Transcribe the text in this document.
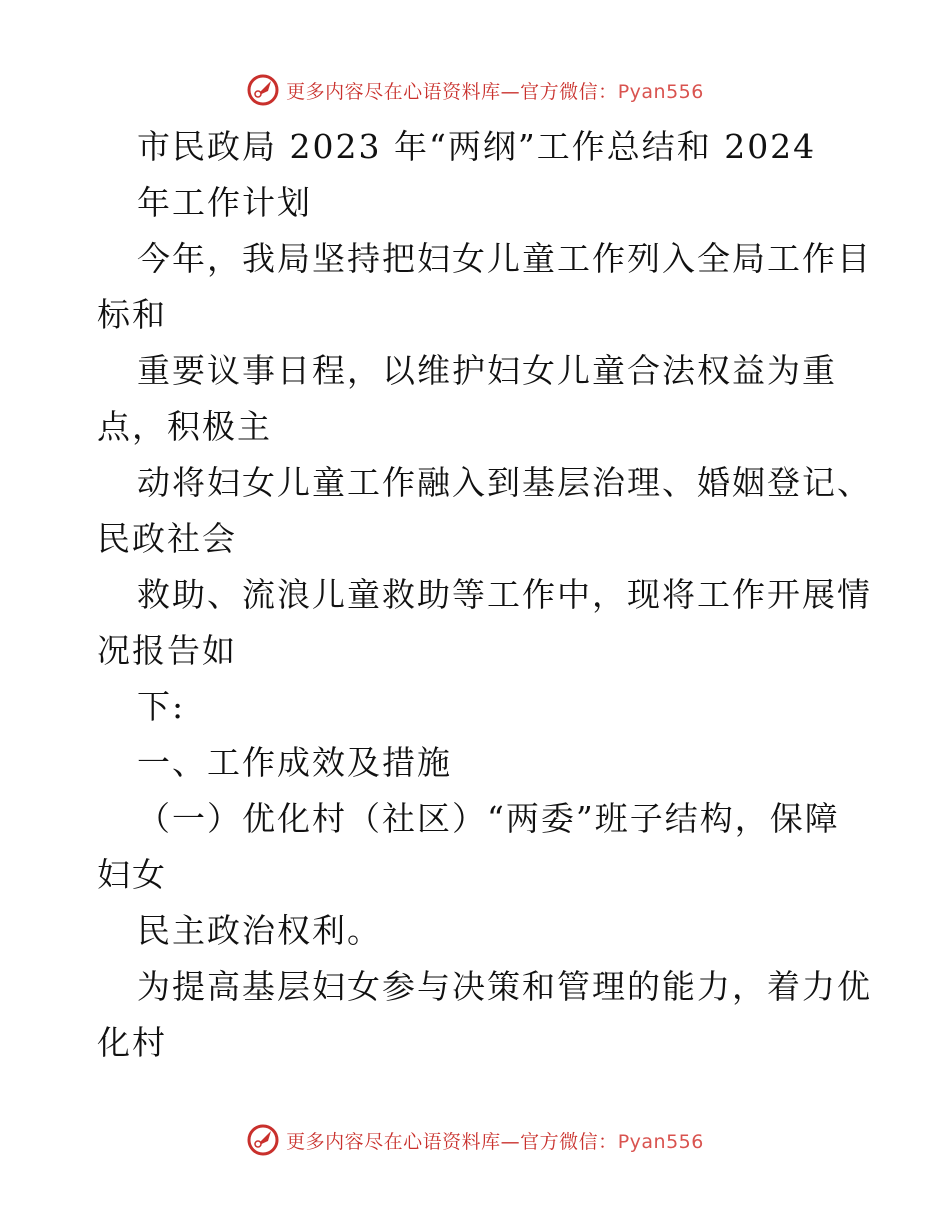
更多内容尽在心语资料库—官方微信：Pyan556
市民政局 2023 年“两纲”工作总结和 2024
年工作计划
今年，我局坚持把妇女儿童工作列入全局工作目
标和
重要议事日程，以维护妇女儿童合法权益为重
点，积极主
动将妇女儿童工作融入到基层治理、婚姻登记、
民政社会
救助、流浪儿童救助等工作中，现将工作开展情
况报告如
下:
一、工作成效及措施
（一）优化村（社区）“两委”班子结构，保障
妇女
民主政治权利。
为提高基层妇女参与决策和管理的能力，着力优
化村
更多内容尽在心语资料库—官方微信：Pyan556
